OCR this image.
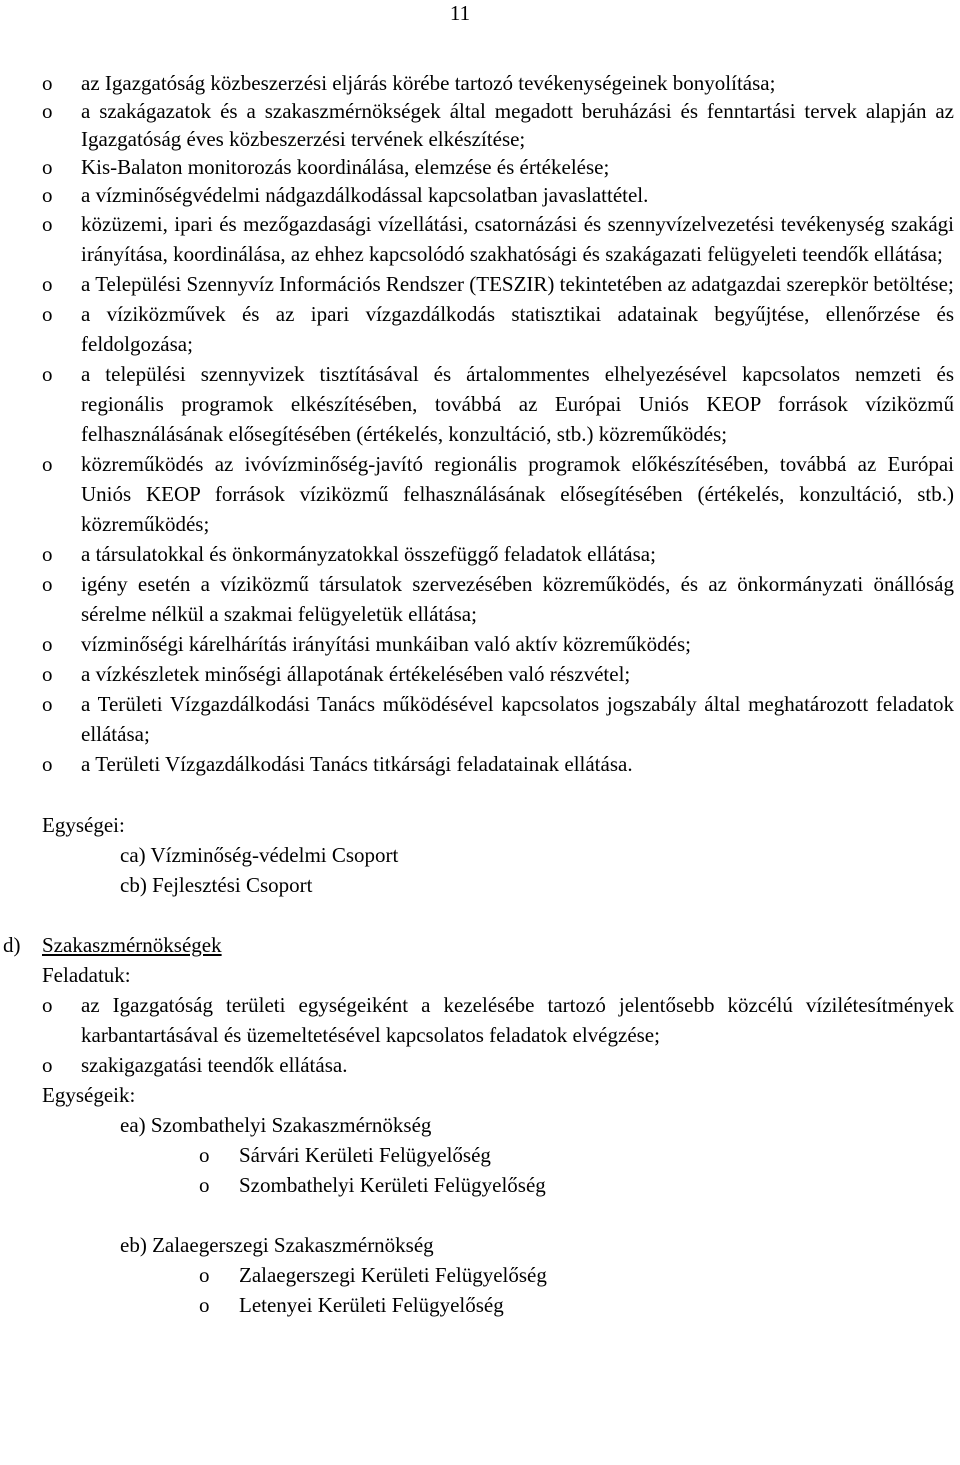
11
o az Igazgatóság közbeszerzési eljárás körébe tartozó tevékenységeinek bonyolítása;
o a szakágazatok és a szakaszmérnökségek által megadott beruházási és fenntartási tervek alapján az Igazgatóság éves közbeszerzési tervének elkészítése;
o Kis-Balaton monitorozás koordinálása, elemzése és értékelése;
o a vízminőségvédelmi nádgazdálkodással kapcsolatban javaslattétel.
o közüzemi, ipari és mezőgazdasági vízellátási, csatornázási és szennyvízelvezetési tevékenység szakági irányítása, koordinálása, az ehhez kapcsolódó szakhatósági és szakágazati felügyeleti teendők ellátása;
o a Települési Szennyvíz Információs Rendszer (TESZIR) tekintetében az adatgazdai szerepkör betöltése;
o a víziközművek és az ipari vízgazdálkodás statisztikai adatainak begyűjtése, ellenőrzése és feldolgozása;
o a települési szennyvizek tisztításával és ártalommentes elhelyezésével kapcsolatos nemzeti és regionális programok elkészítésében, továbbá az Európai Uniós KEOP források víziközmű felhasználásának elősegítésében (értékelés, konzultáció, stb.) közreműködés;
o közreműködés az ivóvízminőség-javító regionális programok előkészítésében, továbbá az Európai Uniós KEOP források víziközmű felhasználásának elősegítésében (értékelés, konzultáció, stb.) közreműködés;
o a társulatokkal és önkormányzatokkal összefüggő feladatok ellátása;
o igény esetén a víziközmű társulatok szervezésében közreműködés, és az önkormányzati önállóság sérelme nélkül a szakmai felügyeletük ellátása;
o vízminőségi kárelhárítás irányítási munkáiban való aktív közreműködés;
o a vízkészletek minőségi állapotának értékelésében való részvétel;
o a Területi Vízgazdálkodási Tanács működésével kapcsolatos jogszabály által meghatározott feladatok ellátása;
o a Területi Vízgazdálkodási Tanács titkársági feladatainak ellátása.
Egységei:
ca) Vízminőség-védelmi Csoport
cb) Fejlesztési Csoport
d) Szakaszmérnökségek
Feladatuk:
o az Igazgatóság területi egységeiként a kezelésébe tartozó jelentősebb közcélú vízilétesítmények karbantartásával és üzemeltetésével kapcsolatos feladatok elvégzése;
o szakigazgatási teendők ellátása.
Egységeik:
ea) Szombathelyi Szakaszmérnökség
o Sárvári Kerületi Felügyelőség
o Szombathelyi Kerületi Felügyelőség
eb) Zalaegerszegi Szakaszmérnökség
o Zalaegerszegi Kerületi Felügyelőség
o Letenyei Kerületi Felügyelőség
